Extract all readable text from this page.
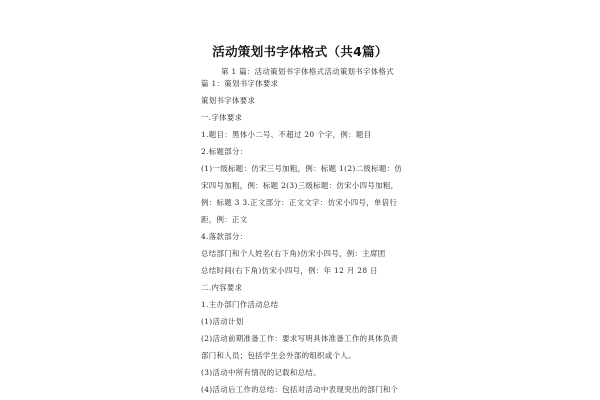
活动策划书字体格式（共4篇）
第 1 篇：活动策划书字体格式活动策划书字体格式
篇 1：策划书字体要求
策划书字体要求
一.字体要求
1.题目：黑体小二号、不超过 20 个字，例：题目
2.标题部分：
(1)一级标题：仿宋三号加粗，例：标题 1(2)二级标题：仿
宋四号加粗，例：标题 2(3)三级标题：仿宋小四号加粗，
例：标题 3 3.正文部分：正文文字：仿宋小四号，单倍行
距，例：正文
4.落款部分：
总结部门和个人姓名(右下角)仿宋小四号，例：主席团
总结时间(右下角)仿宋小四号，例：年 12 月 28 日
二.内容要求
1.主办部门作活动总结
(1)活动计划
(2)活动前期准备工作：要求写明具体准备工作的具体负责
部门和人员；包括学生会外部的组织或个人。
(3)活动中所有情况的记载和总结。
(4)活动后工作的总结：包括对活动中表现突出的部门和个
